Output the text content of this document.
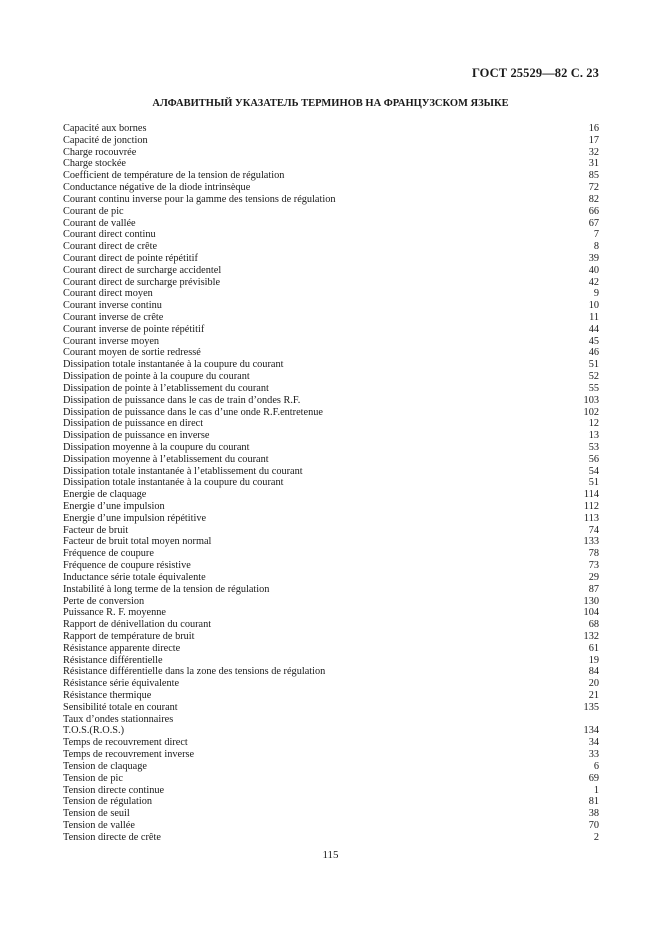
ГОСТ 25529—82 С. 23
АЛФАВИТНЫЙ УКАЗАТЕЛЬ ТЕРМИНОВ НА ФРАНЦУЗСКОМ ЯЗЫКЕ
Capacité aux bornes	16
Capacité de jonction	17
Charge rocouvrée	32
Charge stockée	31
Coefficient de température de la tension de régulation	85
Conductance négative de la diode intrinsèque	72
Courant continu inverse pour la gamme des tensions de régulation	82
Courant de pic	66
Courant de vallée	67
Courant direct continu	7
Courant direct de crête	8
Courant direct de pointe répétitif	39
Courant direct de surcharge accidentel	40
Courant direct de surcharge prévisible	42
Courant direct moyen	9
Courant inverse continu	10
Courant inverse de crête	11
Courant inverse de pointe répétitif	44
Courant inverse moyen	45
Courant moyen de sortie redressé	46
Dissipation totale instantanée à la coupure du courant	51
Dissipation de pointe à la coupure du courant	52
Dissipation de pointe à l’etablissement du courant	55
Dissipation de puissance dans le cas de train d’ondes R.F.	103
Dissipation de puissance dans le cas d’une onde R.F.entretenue	102
Dissipation de puissance en direct	12
Dissipation de puissance en inverse	13
Dissipation moyenne à la coupure du courant	53
Dissipation moyenne à l’etablissement du courant	56
Dissipation totale instantanée à l’etablissement du courant	54
Dissipation totale instantanée à la coupure du courant	51
Energie de claquage	114
Energie d’une impulsion	112
Energie d’une impulsion répétitive	113
Facteur de bruit	74
Facteur de bruit total moyen normal	133
Fréquence de coupure	78
Fréquence de coupure résistive	73
Inductance série totale équivalente	29
Instabilité à long terme de la tension de régulation	87
Perte de conversion	130
Puissance R. F. moyenne	104
Rapport de dénivellation du courant	68
Rapport de température de bruit	132
Résistance apparente directe	61
Résistance différentielle	19
Résistance différentielle dans la zone des tensions de régulation	84
Résistance série équivalente	20
Résistance thermique	21
Sensibilité totale en courant	135
Taux d’ondes stationnaires
T.O.S.(R.O.S.)	134
Temps de recouvrement direct	34
Temps de recouvrement inverse	33
Tension de claquage	6
Tension de pic	69
Tension directe continue	1
Tension de régulation	81
Tension de seuil	38
Tension de vallée	70
Tension directe de crête	2
115
